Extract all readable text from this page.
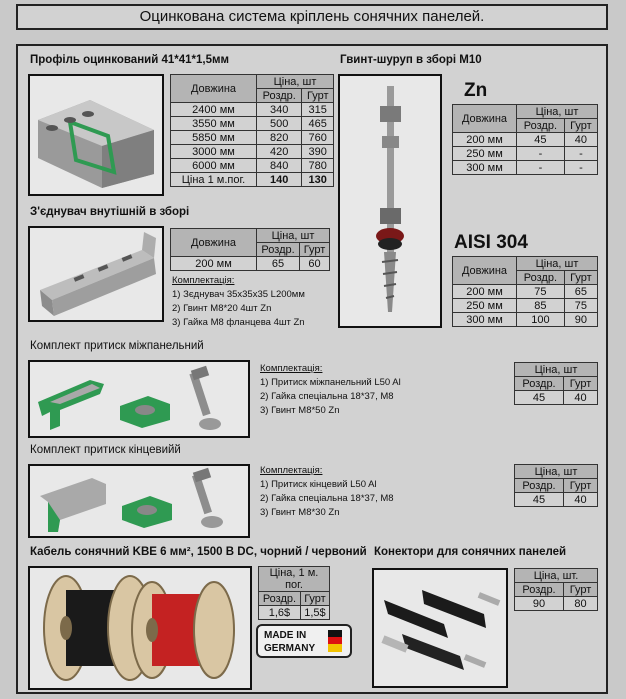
Оцинкована система кріплень сонячних панелей.
Профіль оцинкований 41*41*1,5мм
Довжина	Ціна, шт	
	Роздр.	Гурт
2400 мм	340	315
3550 мм	500	465
5850 мм	820	760
3000 мм	420	390
6000 мм	840	780
Ціна 1 м.пог.	140	130
З'єднувач внутішній в зборі
Довжина	Ціна, шт	
	Роздр.	Гурт
200 мм	65	60
Комплектація:
1) Зєднувач 35х35х35 L200мм
2) Гвинт М8*20 4шт Zn
3) Гайка М8 фланцева 4шт Zn
Гвинт-шуруп в зборі М10
Zn
Довжина	Ціна, шт	
	Роздр.	Гурт
200 мм	45	40
250 мм	-	-
300 мм	-	-
AISI 304
Довжина	Ціна, шт	
	Роздр.	Гурт
200 мм	75	65
250 мм	85	75
300 мм	100	90
Комплект притиск міжпанельний
Комплектація:
1) Притиск міжпанельний L50 Al
2) Гайка спеціальна 18*37, М8
3) Гвинт М8*50 Zn
Ціна, шт	
Роздр.	Гурт
45	40
Комплект притиск кінцевийй
Комплектація:
1) Притиск кінцевий L50 Al
2) Гайка спеціальна 18*37, М8
3) Гвинт М8*30 Zn
Ціна, шт	
Роздр.	Гурт
45	40
Кабель сонячний KBE 6 мм², 1500 В DC, чорний / червоний
Ціна, 1 м. пог.	
Роздр.	Гурт
1,6$	1,5$
MADE IN
GERMANY
Конектори для сонячних панелей
Ціна, шт.	
Роздр.	Гурт
90	80
